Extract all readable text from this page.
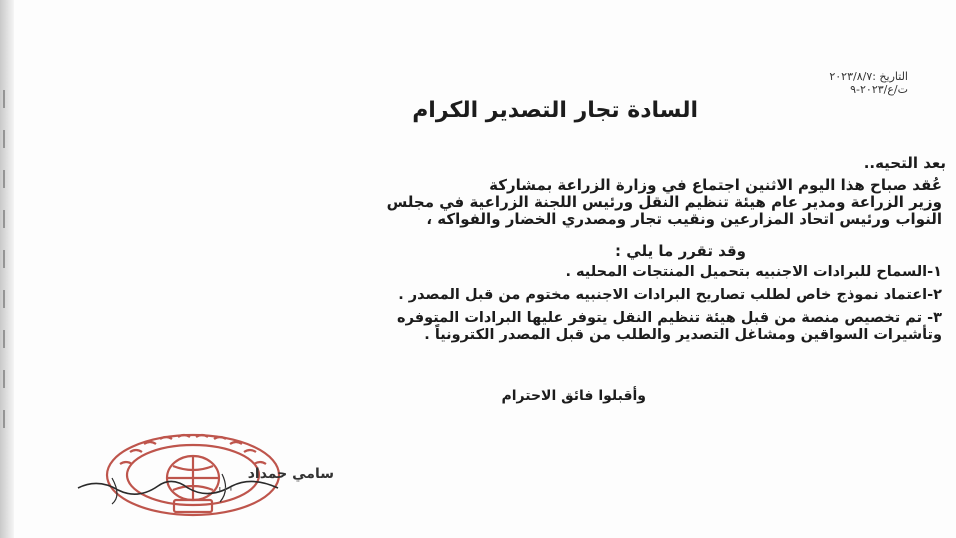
التاريخ :٢٠٢٣/٨/٧
ت/ع/٢٠٢٣-٩
السادة تجار التصدير الكرام
بعد التحيه..
عُقد صباح هذا اليوم الاثنين اجتماع في وزارة الزراعة بمشاركة
وزير الزراعة ومدير عام هيئة تنظيم النقل ورئيس اللجنة الزراعية في مجلس
النواب ورئيس اتحاد المزارعين ونقيب تجار ومصدري الخضار والفواكه ،
وقد تقرر ما يلي :
١-السماح للبرادات الاجنبيه بتحميل المنتجات المحليه .
٢-اعتماد نموذج خاص لطلب تصاريح البرادات الاجنبيه مختوم من قبل المصدر .
٣- تم تخصيص منصة من قبل هيئة تنظيم النقل يتوفر عليها البرادات المتوفره
وتأشيرات السواقين ومشاغل التصدير والطلب من قبل المصدر الكترونياً .
وأقبلوا فائق الاحترام
سامي حمداد
'''
